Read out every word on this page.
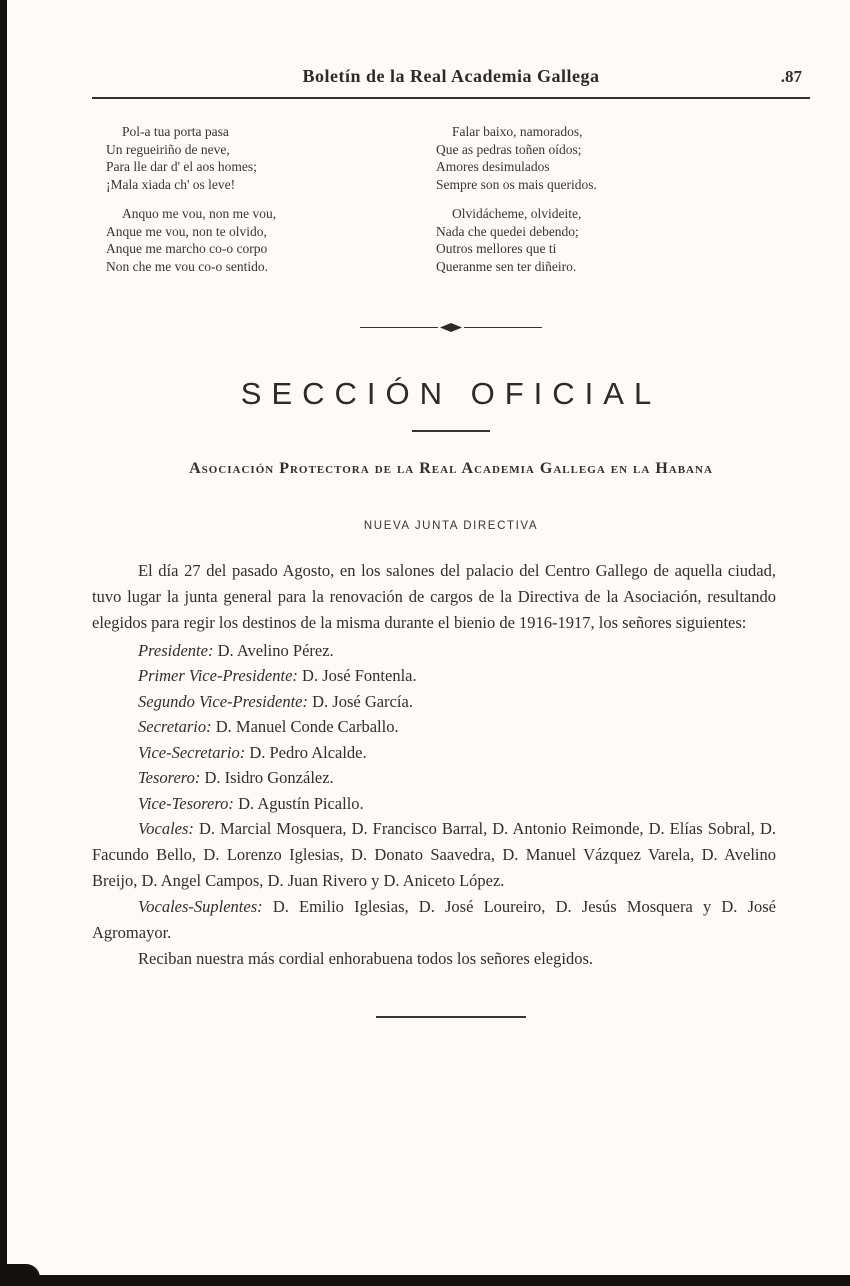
Boletín de la Real Academia Gallega	.87
Pol-a tua porta pasa
Un regueiriño de neve,
Para lle dar d' el aos homes;
¡Mala xiada ch' os leve!
Anquo me vou, non me vou,
Anque me vou, non te olvido,
Anque me marcho co-o corpo
Non che me vou co-o sentido.
Falar baixo, namorados,
Que as pedras toñen oídos;
Amores desimulados
Sempre son os mais queridos.
Olvidácheme, olvideite,
Nada che quedei debendo;
Outros mellores que ti
Queranme sen ter diñeiro.
SECCIÓN OFICIAL
Asociación Protectora de la Real Academia Gallega en la Habana
NUEVA JUNTA DIRECTIVA

El día 27 del pasado Agosto, en los salones del palacio del Centro Gallego de aquella ciudad, tuvo lugar la junta general para la renovación de cargos de la Directiva de la Asociación, resultando elegidos para regir los destinos de la misma durante el bienio de 1916-1917, los señores siguientes:

Presidente: D. Avelino Pérez.
Primer Vice-Presidente: D. José Fontenla.
Segundo Vice-Presidente: D. José García.
Secretario: D. Manuel Conde Carballo.
Vice-Secretario: D. Pedro Alcalde.
Tesorero: D. Isidro González.
Vice-Tesorero: D. Agustín Picallo.

Vocales: D. Marcial Mosquera, D. Francisco Barral, D. Antonio Reimonde, D. Elías Sobral, D. Facundo Bello, D. Lorenzo Iglesias, D. Donato Saavedra, D. Manuel Vázquez Varela, D. Avelino Breijo, D. Angel Campos, D. Juan Rivero y D. Aniceto López.

Vocales-Suplentes: D. Emilio Iglesias, D. José Loureiro, D. Jesús Mosquera y D. José Agromayor.

Reciban nuestra más cordial enhorabuena todos los señores elegidos.
